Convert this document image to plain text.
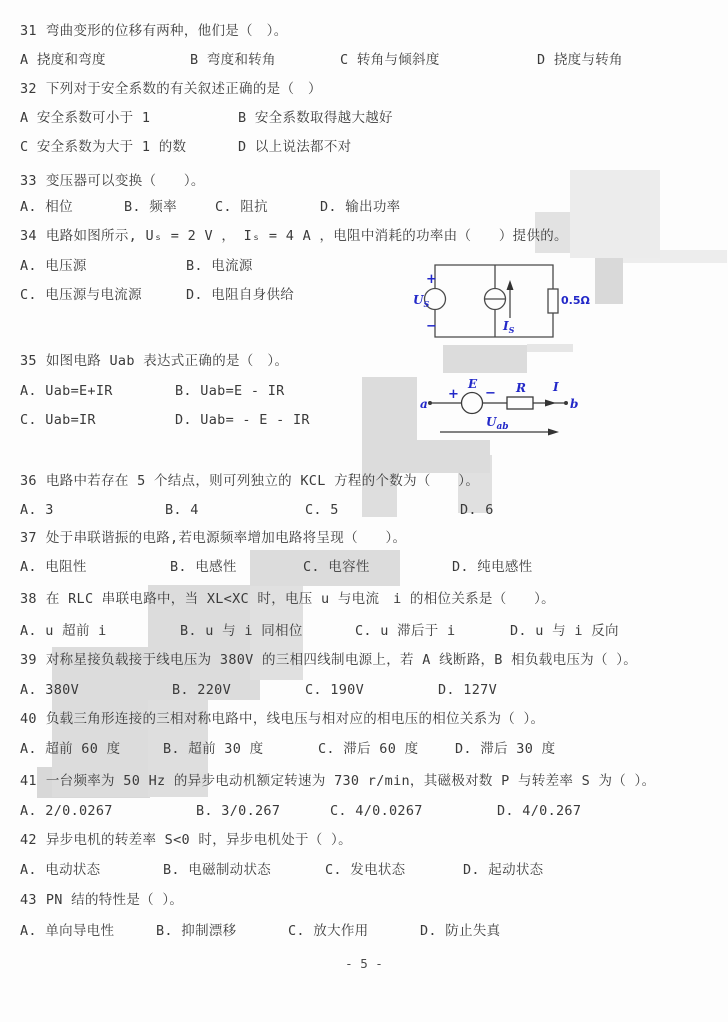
+
−
$U_S$
$I_S$
0.5Ω
a
+
E
− R I
b
$U_{ab}$
- 5 -
31 弯曲变形的位移有两种，他们是（　）。
A 挠度和弯度	B 弯度和转角	C 转角与倾斜度	D 挠度与转角
32 下列对于安全系数的有关叙述正确的是（　）
A 安全系数可小于 1	B 安全系数取得越大越好
C 安全系数为大于 1 的数	D 以上说法都不对
33 变压器可以变换（　　）。
A. 相位	B. 频率	C. 阻抗	D. 输出功率
34 电路如图所示, Uₛ = 2 V ， Iₛ = 4 A ，电阻中消耗的功率由（　　）提供的。
A. 电压源	B. 电流源
C. 电压源与电流源	D. 电阻自身供给
35 如图电路 Uab 表达式正确的是（　）。
A. Uab=E+IR	B. Uab=E - IR
C. Uab=IR	D. Uab= - E - IR
36 电路中若存在 5 个结点，则可列独立的 KCL 方程的个数为（　　）。
A. 3	B. 4	C. 5	D. 6
37 处于串联谐振的电路,若电源频率增加电路将呈现（　　）。
A. 电阻性	B. 电感性	C. 电容性	D. 纯电感性
38 在 RLC 串联电路中，当 XL<XC 时，电压 u 与电流　i 的相位关系是（　　）。
A. u 超前 i	B. u 与 i 同相位	C. u 滞后于 i	D. u 与 i 反向
39 对称星接负载接于线电压为 380V 的三相四线制电源上，若 A 线断路，B 相负载电压为（ ）。
A. 380V	B. 220V	C. 190V	D. 127V
40 负载三角形连接的三相对称电路中，线电压与相对应的相电压的相位关系为（ ）。
A. 超前 60 度	B. 超前 30 度	C. 滞后 60 度	D. 滞后 30 度
41 一台频率为 50 Hz 的异步电动机额定转速为 730 r/min，其磁极对数 P 与转差率 S 为（ ）。
A. 2/0.0267	B. 3/0.267	C. 4/0.0267	D. 4/0.267
42 异步电机的转差率 S<0 时，异步电机处于（ ）。
A. 电动状态	B. 电磁制动状态	C. 发电状态	D. 起动状态
43 PN 结的特性是（ ）。
A. 单向导电性	B. 抑制漂移	C. 放大作用	D. 防止失真
